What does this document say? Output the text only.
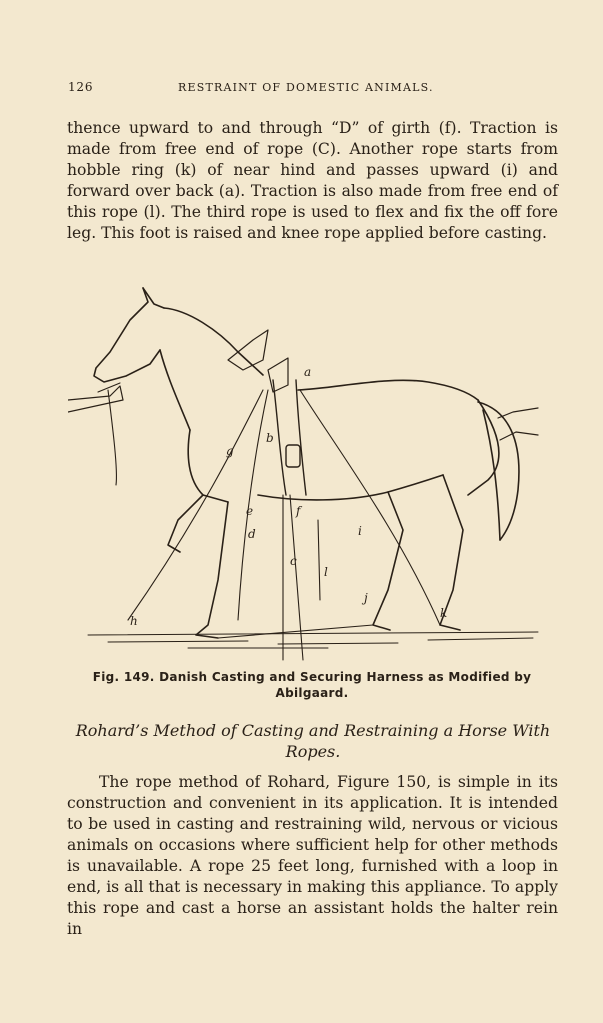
126	RESTRAINT OF DOMESTIC ANIMALS.

thence upward to and through “D” of girth (f). Traction is made from free end of rope (C). Another rope starts from hobble ring (k) of near hind and passes upward (i) and forward over back (a). Traction is also made from free end of this rope (l). The third rope is used to flex and fix the off fore leg. This foot is raised and knee rope applied before casting.

a
b
c
d
e	f
g
h
i
j
k
l

Fig. 149. Danish Casting and Securing Harness as Modified by Abilgaard.

Rohard’s Method of Casting and Restraining a Horse With Ropes.

The rope method of Rohard, Figure 150, is simple in its construction and convenient in its application. It is intended to be used in casting and restraining wild, nervous or vicious animals on occasions where sufficient help for other methods is unavailable. A rope 25 feet long, furnished with a loop in end, is all that is necessary in making this appliance. To apply this rope and cast a horse an assistant holds the halter rein in
